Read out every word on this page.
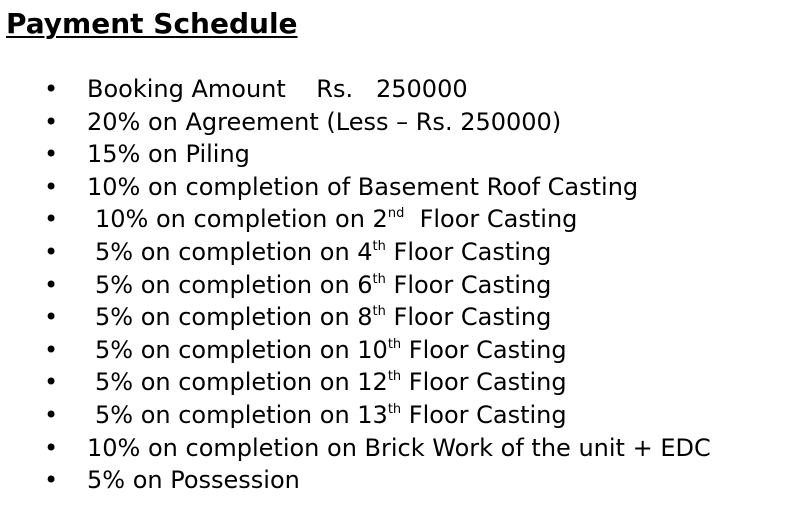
Payment Schedule
• Booking Amount    Rs.   250000
• 20% on Agreement (Less – Rs. 250000)
• 15% on Piling
• 10% on completion of Basement Roof Casting
• 10% on completion on 2nd  Floor Casting
• 5% on completion on 4th Floor Casting
• 5% on completion on 6th Floor Casting
• 5% on completion on 8th Floor Casting
• 5% on completion on 10th Floor Casting
• 5% on completion on 12th Floor Casting
• 5% on completion on 13th Floor Casting
• 10% on completion on Brick Work of the unit + EDC
• 5% on Possession
